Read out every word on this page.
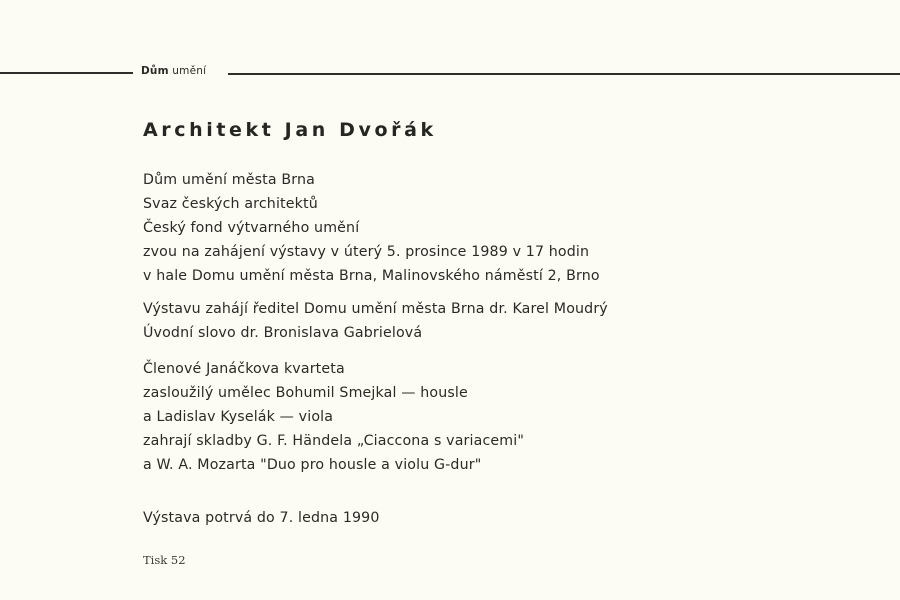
Dům umění
Architekt Jan Dvořák
Dům umění města Brna
Svaz českých architektů
Český fond výtvarného umění
zvou na zahájení výstavy v úterý 5. prosince 1989 v 17 hodin
v hale Domu umění města Brna, Malinovského náměstí 2, Brno
Výstavu zahájí ředitel Domu umění města Brna dr. Karel Moudrý
Úvodní slovo dr. Bronislava Gabrielová
Členové Janáčkova kvarteta
zasloužilý umělec Bohumil Smejkal — housle
a Ladislav Kyselák — viola
zahrají skladby G. F. Händela „Ciaccona s variacemi"
a W. A. Mozarta "Duo pro housle a violu G-dur"
Výstava potrvá do 7. ledna 1990
Tisk 52
